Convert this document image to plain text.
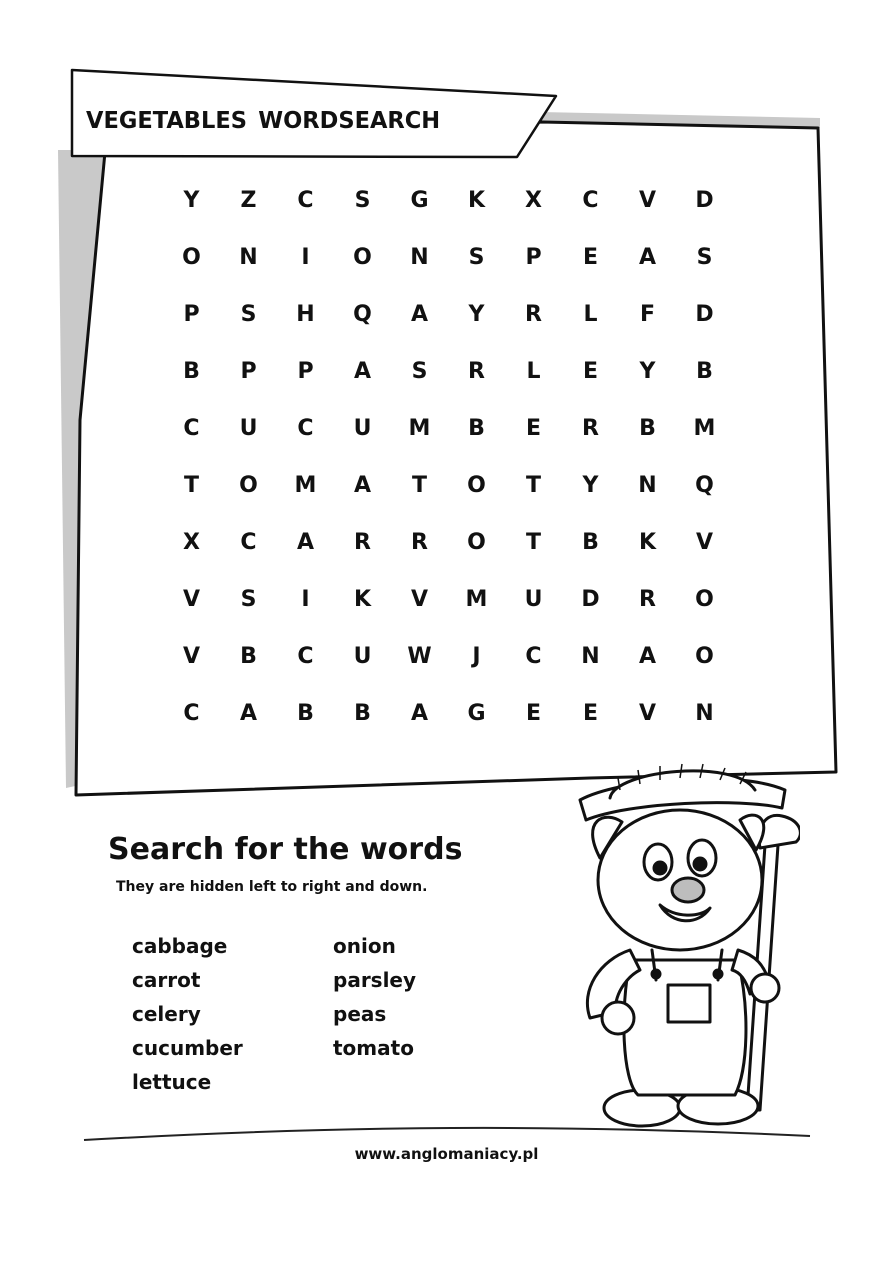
vegetables wordsearch
Y	Z	C	S	G	K	X	C	V	D
O	N	I	O	N	S	P	E	A	S
P	S	H	Q	A	Y	R	L	F	D
B	P	P	A	S	R	L	E	Y	B
C	U	C	U	M	B	E	R	B	M
T	O	M	A	T	O	T	Y	N	Q
X	C	A	R	R	O	T	B	K	V
V	S	I	K	V	M	U	D	R	O
V	B	C	U	W	J	C	N	A	O
C	A	B	B	A	G	E	E	V	N
Search for the words
They are hidden left to right and down.
cabbage
carrot
celery
cucumber
lettuce
onion
parsley
peas
tomato
www.anglomaniacy.pl
